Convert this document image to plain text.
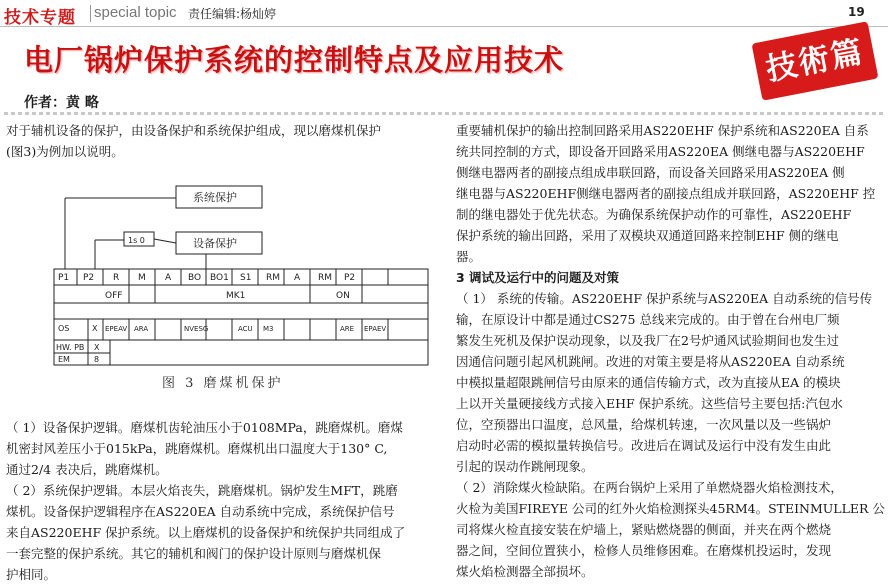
技术专题 special topic 责任编辑:杨灿婷	19
电厂锅炉保护系统的控制特点及应用技术	技術篇
作者：黄 略
对于辅机设备的保护，由设备保护和系统保护组成，现以磨煤机保护
(图3)为例加以说明。
系统保护
设备保护
1s 0
P1 P2 R M A BO BO1 S1 RM A RM P2
OFF	MK1	ON
OS	X EPEAV ARA	NVESG	ACU M3	ARE EPAEV
HW. PB X
EM	8
图 3 磨煤机保护
（ 1）设备保护逻辑。磨煤机齿轮油压小于0108MPa，跳磨煤机。磨煤
机密封风差压小于015kPa，跳磨煤机。磨煤机出口温度大于130° C,
通过2/4 表决后，跳磨煤机。
（ 2）系统保护逻辑。本层火焰丧失，跳磨煤机。锅炉发生MFT，跳磨
煤机。设备保护逻辑程序在AS220EA 自动系统中完成，系统保护信号
来自AS220EHF 保护系统。以上磨煤机的设备保护和统保护共同组成了
一套完整的保护系统。其它的辅机和阀门的保护设计原则与磨煤机保
护相同。
重要辅机保护的输出控制回路采用AS220EHF 保护系统和AS220EA 自系
统共同控制的方式，即设备开回路采用AS220EA 侧继电器与AS220EHF
侧继电器两者的副接点组成串联回路，而设备关回路采用AS220EA 侧
继电器与AS220EHF侧继电器两者的副接点组成并联回路，AS220EHF 控
制的继电器处于优先状态。为确保系统保护动作的可靠性，AS220EHF
保护系统的输出回路，采用了双模块双通道回路来控制EHF 侧的继电
器。
3 调试及运行中的问题及对策
（ 1） 系统的传输。AS220EHF 保护系统与AS220EA 自动系统的信号传
输，在原设计中都是通过CS275 总线来完成的。由于曾在台州电厂频
繁发生死机及保护误动现象，以及我厂在2号炉通风试验期间也发生过
因通信问题引起风机跳闸。改进的对策主要是将从AS220EA 自动系统
中模拟量超限跳闸信号由原来的通信传输方式，改为直接从EA 的模块
上以开关量硬接线方式接入EHF 保护系统。这些信号主要包括:汽包水
位，空预器出口温度，总风量，给煤机转速，一次风量以及一些锅炉
启动时必需的模拟量转换信号。改进后在调试及运行中没有发生由此
引起的误动作跳闸现象。
（ 2）消除煤火检缺陷。在两台锅炉上采用了单燃烧器火焰检测技术，
火检为美国FIREYE 公司的红外火焰检测探头45RM4。STEINMULLER 公
司将煤火检直接安装在炉墙上，紧贴燃烧器的侧面，并夹在两个燃烧
器之间，空间位置狭小，检修人员维修困难。在磨煤机投运时，发现
煤火焰检测器全部损坏。
